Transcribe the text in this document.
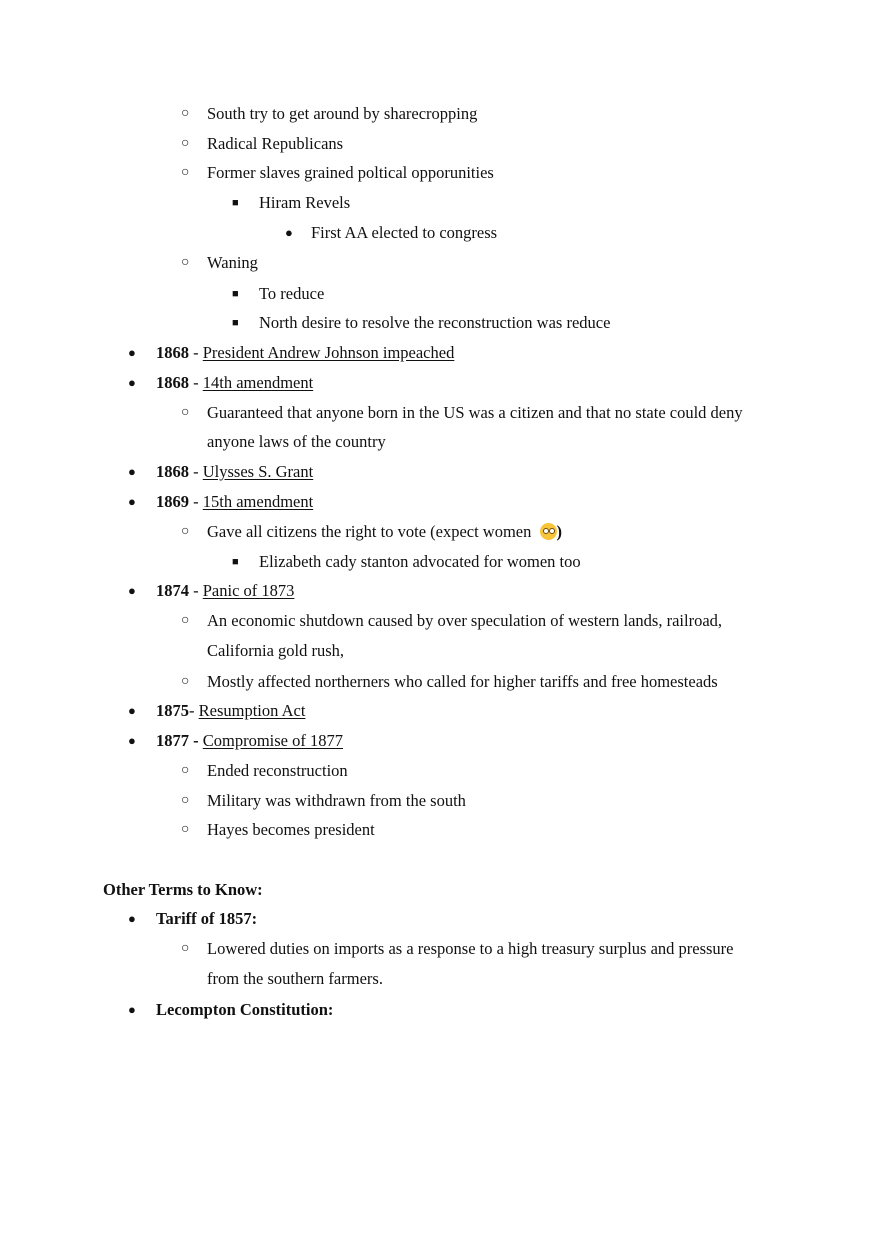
○ South try to get around by sharecropping
○ Radical Republicans
○ Former slaves grained poltical opporunities
■ Hiram Revels
● First AA elected to congress
○ Waning
■ To reduce
■ North desire to resolve the reconstruction was reduce
● 1868 - President Andrew Johnson impeached
● 1868 - 14th amendment
○ Guaranteed that anyone born in the US was a citizen and that no state could deny
anyone laws of the country
● 1868 - Ulysses S. Grant
● 1869 - 15th amendment
○ Gave all citizens the right to vote (expect women )
■ Elizabeth cady stanton advocated for women too
● 1874 - Panic of 1873
○ An economic shutdown caused by over speculation of western lands, railroad,
California gold rush,
○ Mostly affected northerners who called for higher tariffs and free homesteads
● 1875- Resumption Act
● 1877 - Compromise of 1877
○ Ended reconstruction
○ Military was withdrawn from the south
○ Hayes becomes president
Other Terms to Know:
● Tariff of 1857:
○ Lowered duties on imports as a response to a high treasury surplus and pressure
from the southern farmers.
● Lecompton Constitution:
